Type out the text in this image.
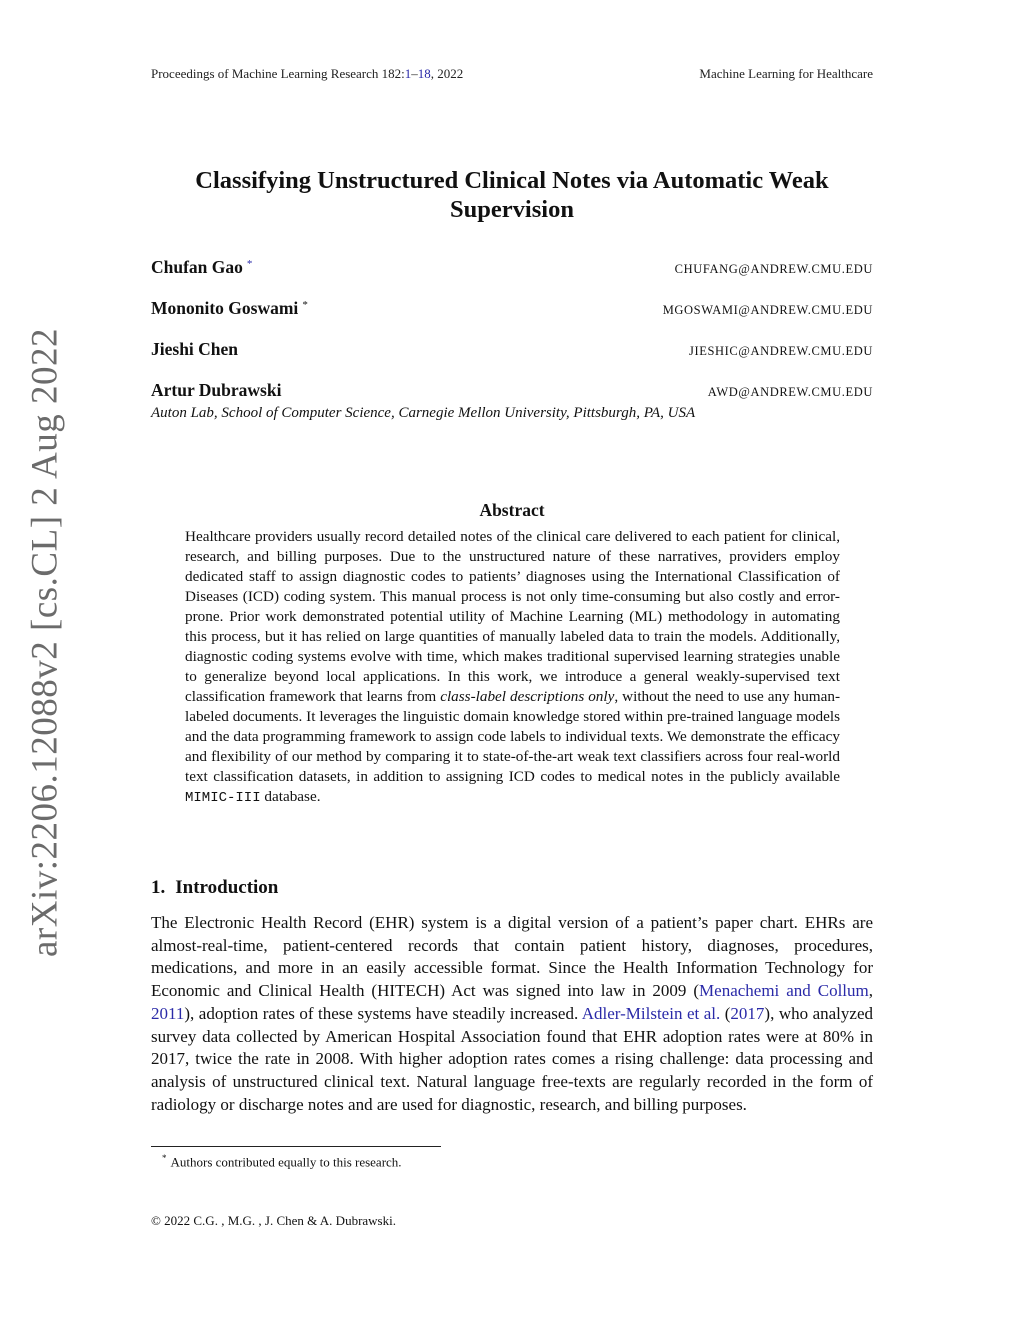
Proceedings of Machine Learning Research 182:1–18, 2022	Machine Learning for Healthcare
arXiv:2206.12088v2 [cs.CL] 2 Aug 2022
Classifying Unstructured Clinical Notes via Automatic Weak Supervision
Chufan Gao *	CHUFANG@ANDREW.CMU.EDU
Mononito Goswami *	MGOSWAMI@ANDREW.CMU.EDU
Jieshi Chen	JIESHIC@ANDREW.CMU.EDU
Artur Dubrawski	AWD@ANDREW.CMU.EDU
Auton Lab, School of Computer Science, Carnegie Mellon University, Pittsburgh, PA, USA
Abstract
Healthcare providers usually record detailed notes of the clinical care delivered to each patient for clinical, research, and billing purposes. Due to the unstructured nature of these narratives, providers employ dedicated staff to assign diagnostic codes to patients’ diagnoses using the International Classification of Diseases (ICD) coding system. This manual process is not only time-consuming but also costly and error-prone. Prior work demonstrated potential utility of Machine Learning (ML) methodology in automating this process, but it has relied on large quantities of manually labeled data to train the models. Additionally, diagnostic coding systems evolve with time, which makes traditional supervised learning strategies unable to generalize beyond local applications. In this work, we introduce a general weakly-supervised text classification framework that learns from class-label descriptions only, without the need to use any human-labeled documents. It leverages the linguistic domain knowledge stored within pre-trained language models and the data programming framework to assign code labels to individual texts. We demonstrate the efficacy and flexibility of our method by comparing it to state-of-the-art weak text classifiers across four real-world text classification datasets, in addition to assigning ICD codes to medical notes in the publicly available MIMIC-III database.
1. Introduction
The Electronic Health Record (EHR) system is a digital version of a patient’s paper chart. EHRs are almost-real-time, patient-centered records that contain patient history, diagnoses, procedures, medications, and more in an easily accessible format. Since the Health Information Technology for Economic and Clinical Health (HITECH) Act was signed into law in 2009 (Menachemi and Collum, 2011), adoption rates of these systems have steadily increased. Adler-Milstein et al. (2017), who analyzed survey data collected by American Hospital Association found that EHR adoption rates were at 80% in 2017, twice the rate in 2008. With higher adoption rates comes a rising challenge: data processing and analysis of unstructured clinical text. Natural language free-texts are regularly recorded in the form of radiology or discharge notes and are used for diagnostic, research, and billing purposes.
* Authors contributed equally to this research.
© 2022 C.G. , M.G. , J. Chen & A. Dubrawski.
